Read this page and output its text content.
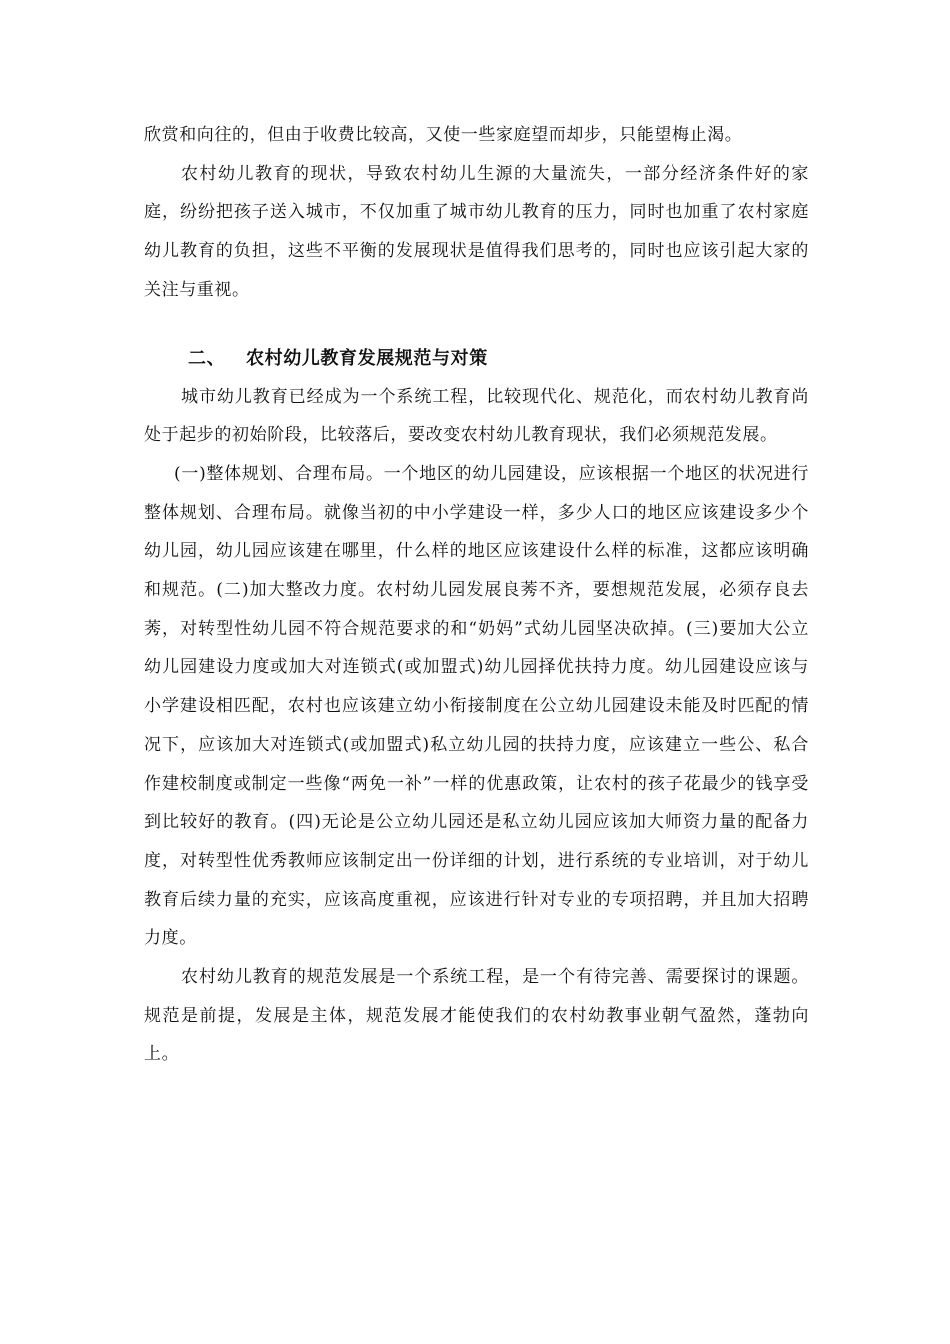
欣赏和向往的，但由于收费比较高，又使一些家庭望而却步，只能望梅止渴。

农村幼儿教育的现状，导致农村幼儿生源的大量流失，一部分经济条件好的家庭，纷纷把孩子送入城市，不仅加重了城市幼儿教育的压力，同时也加重了农村家庭幼儿教育的负担，这些不平衡的发展现状是值得我们思考的，同时也应该引起大家的关注与重视。

二、 农村幼儿教育发展规范与对策

城市幼儿教育已经成为一个系统工程，比较现代化、规范化，而农村幼儿教育尚处于起步的初始阶段，比较落后，要改变农村幼儿教育现状，我们必须规范发展。

(一)整体规划、合理布局。一个地区的幼儿园建设，应该根据一个地区的状况进行整体规划、合理布局。就像当初的中小学建设一样，多少人口的地区应该建设多少个幼儿园，幼儿园应该建在哪里，什么样的地区应该建设什么样的标准，这都应该明确和规范。(二)加大整改力度。农村幼儿园发展良莠不齐，要想规范发展，必须存良去莠，对转型性幼儿园不符合规范要求的和“奶妈”式幼儿园坚决砍掉。(三)要加大公立幼儿园建设力度或加大对连锁式(或加盟式)幼儿园择优扶持力度。幼儿园建设应该与小学建设相匹配，农村也应该建立幼小衔接制度在公立幼儿园建设未能及时匹配的情况下，应该加大对连锁式(或加盟式)私立幼儿园的扶持力度，应该建立一些公、私合作建校制度或制定一些像“两免一补”一样的优惠政策，让农村的孩子花最少的钱享受到比较好的教育。(四)无论是公立幼儿园还是私立幼儿园应该加大师资力量的配备力度，对转型性优秀教师应该制定出一份详细的计划，进行系统的专业培训，对于幼儿教育后续力量的充实，应该高度重视，应该进行针对专业的专项招聘，并且加大招聘力度。

农村幼儿教育的规范发展是一个系统工程，是一个有待完善、需要探讨的课题。规范是前提，发展是主体，规范发展才能使我们的农村幼教事业朝气盈然，蓬勃向上。
